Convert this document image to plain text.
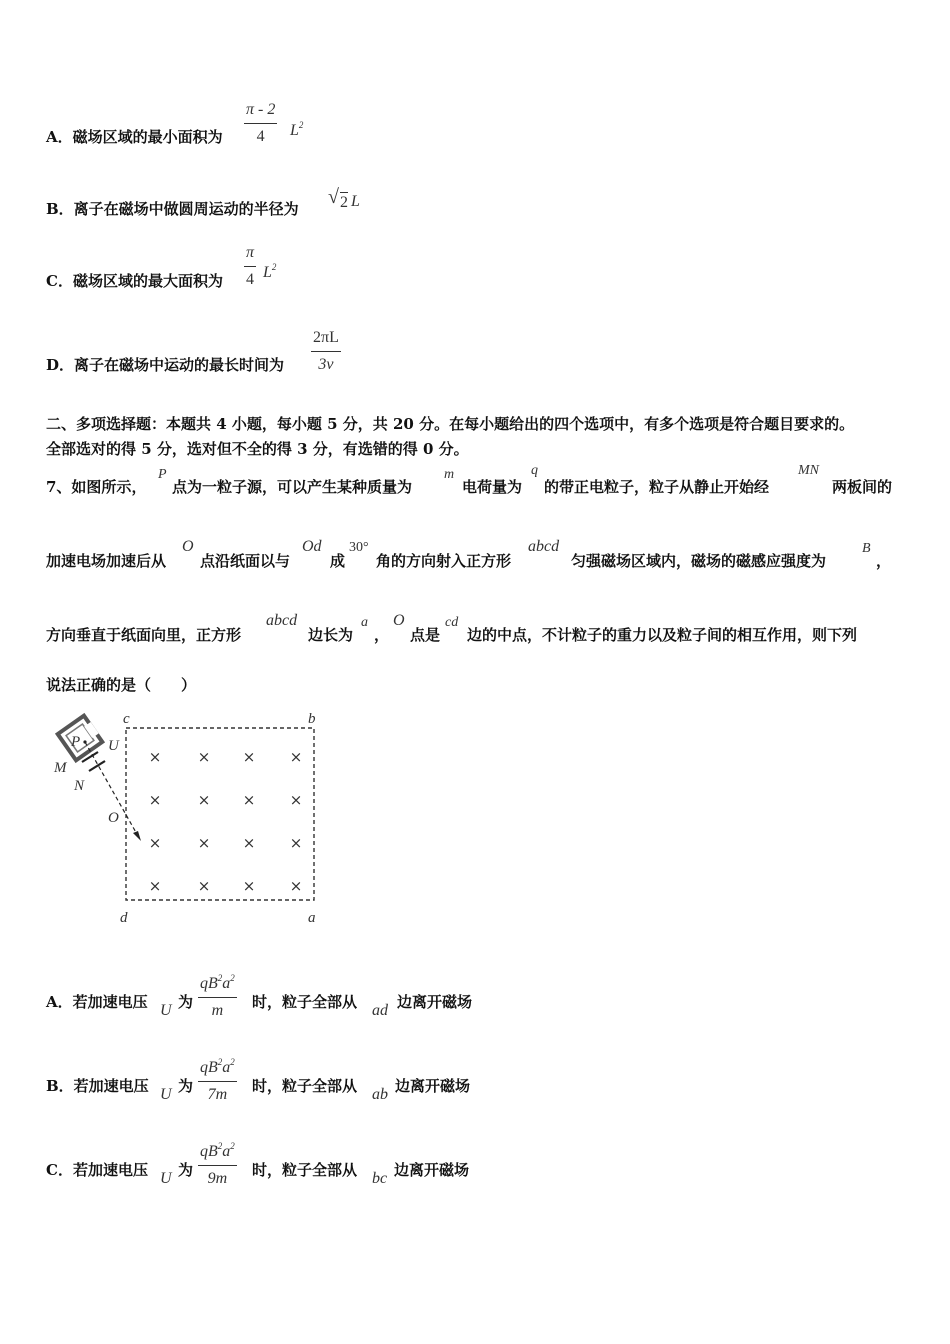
A．磁场区域的最小面积为
π - 2
4 $L^2$
B．离子在磁场中做圆周运动的半径为
√ 2 L
C．磁场区域的最大面积为
π
4 $L^2$
D．离子在磁场中运动的最长时间为
2πL
3v
二、多项选择题：本题共 4 小题，每小题 5 分，共 20 分。在每小题给出的四个选项中，有多个选项是符合题目要求的。
全部选对的得 5 分，选对但不全的得 3 分，有选错的得 0 分。
7、如图所示，
P
点为一粒子源，可以产生某种质量为
m
电荷量为
q
的带正电粒子，粒子从静止开始经
MN
两板间的
加速电场加速后从
O
点沿纸面以与
Od
成
30°
角的方向射入正方形
abcd
匀强磁场区域内，磁场的磁感应强度为
B
，
方向垂直于纸面向里，正方形
abcd
边长为
a
，
O
点是
cd
边的中点，不计粒子的重力以及粒子间的相互作用，则下列
说法正确的是（　　）
× × × ×
× × × ×
× × × ×
× × × ×
c	b
d	a
P U
M
N
O
A．若加速电压 U 为
$qB^2a^2$
m 时，粒子全部从 ad 边离开磁场
B．若加速电压 U 为
$qB^2a^2$
7m 时，粒子全部从 ab 边离开磁场
C．若加速电压 U 为
$qB^2a^2$
9m 时，粒子全部从 bc 边离开磁场
